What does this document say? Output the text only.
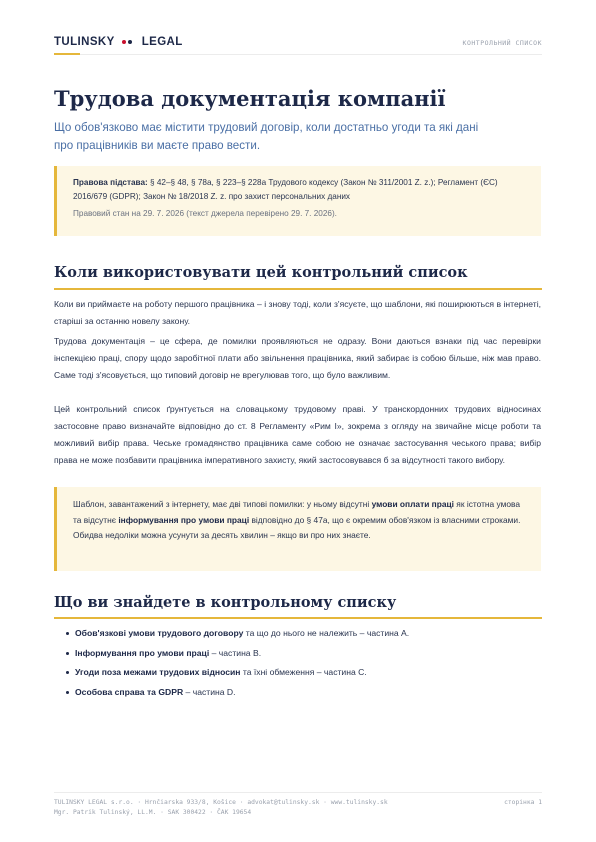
TULINSKY LEGAL	КОНТРОЛЬНИЙ СПИСОК
Трудова документація компанії

Що обов'язково має містити трудовий договір, коли достатньо угоди та які дані про працівників ви маєте право вести.

Правова підстава: § 42–§ 48, § 78a, § 223–§ 228a Трудового кодексу (Закон № 311/2001 Z. z.); Регламент (ЄС) 2016/679 (GDPR); Закон № 18/2018 Z. z. про захист персональних даних
Правовий стан на 29. 7. 2026 (текст джерела перевірено 29. 7. 2026).
Коли використовувати цей контрольний список

Коли ви приймаєте на роботу першого працівника – і знову тоді, коли з'ясуєте, що шаблони, які поширюються в інтернеті, старіші за останню новелу закону.

Трудова документація – це сфера, де помилки проявляються не одразу. Вони даються взнаки під час перевірки інспекцією праці, спору щодо заробітної плати або звільнення працівника, який забирає із собою більше, ніж мав право. Саме тоді з'ясовується, що типовий договір не врегулював того, що було важливим.

Цей контрольний список ґрунтується на словацькому трудовому праві. У транскордонних трудових відносинах застосовне право визначайте відповідно до ст. 8 Регламенту «Рим І», зокрема з огляду на звичайне місце роботи та можливий вибір права. Чеське громадянство працівника саме собою не означає застосування чеського права; вибір права не може позбавити працівника імперативного захисту, який застосовувався б за відсутності такого вибору.

Шаблон, завантажений з інтернету, має дві типові помилки: у ньому відсутні умови оплати праці як істотна умова та відсутнє інформування про умови праці відповідно до § 47a, що є окремим обов'язком із власними строками. Обидва недоліки можна усунути за десять хвилин – якщо ви про них знаєте.
Що ви знайдете в контрольному списку
Обов'язкові умови трудового договору та що до нього не належить – частина A.
Інформування про умови праці – частина B.
Угоди поза межами трудових відносин та їхні обмеження – частина C.
Особова справа та GDPR – частина D.
TULINSKY LEGAL s.r.o. · Hrnčiarska 933/8, Košice · advokat@tulinsky.sk · www.tulinsky.sk
Mgr. Patrik Tulinský, LL.M. · SAK 300422 · ČAK 19654
сторінка 1
